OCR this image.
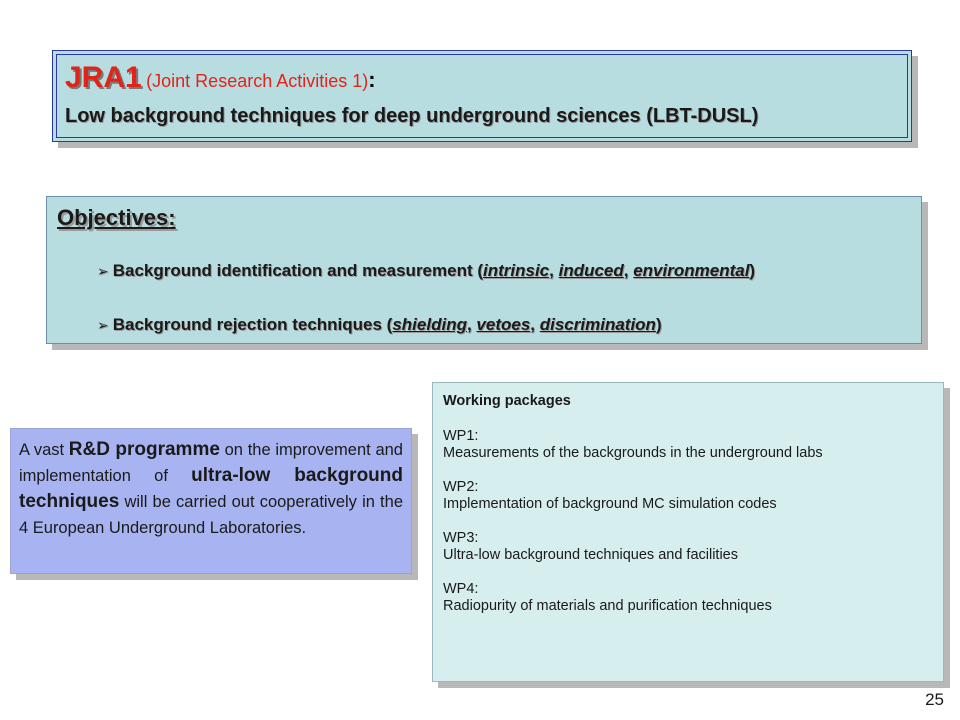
JRA1 (Joint Research Activities 1):
Low background techniques for deep underground sciences (LBT-DUSL)
Objectives:
➢ Background identification and measurement (intrinsic, induced, environmental)
➢ Background rejection techniques (shielding, vetoes, discrimination)
A vast R&D programme on the improvement and implementation of ultra-low background techniques will be carried out cooperatively in the 4 European Underground Laboratories.
Working packages
WP1:
Measurements of the backgrounds in the underground labs
WP2:
Implementation of background MC simulation codes
WP3:
Ultra-low background techniques and facilities
WP4:
Radiopurity of materials and purification techniques
25
